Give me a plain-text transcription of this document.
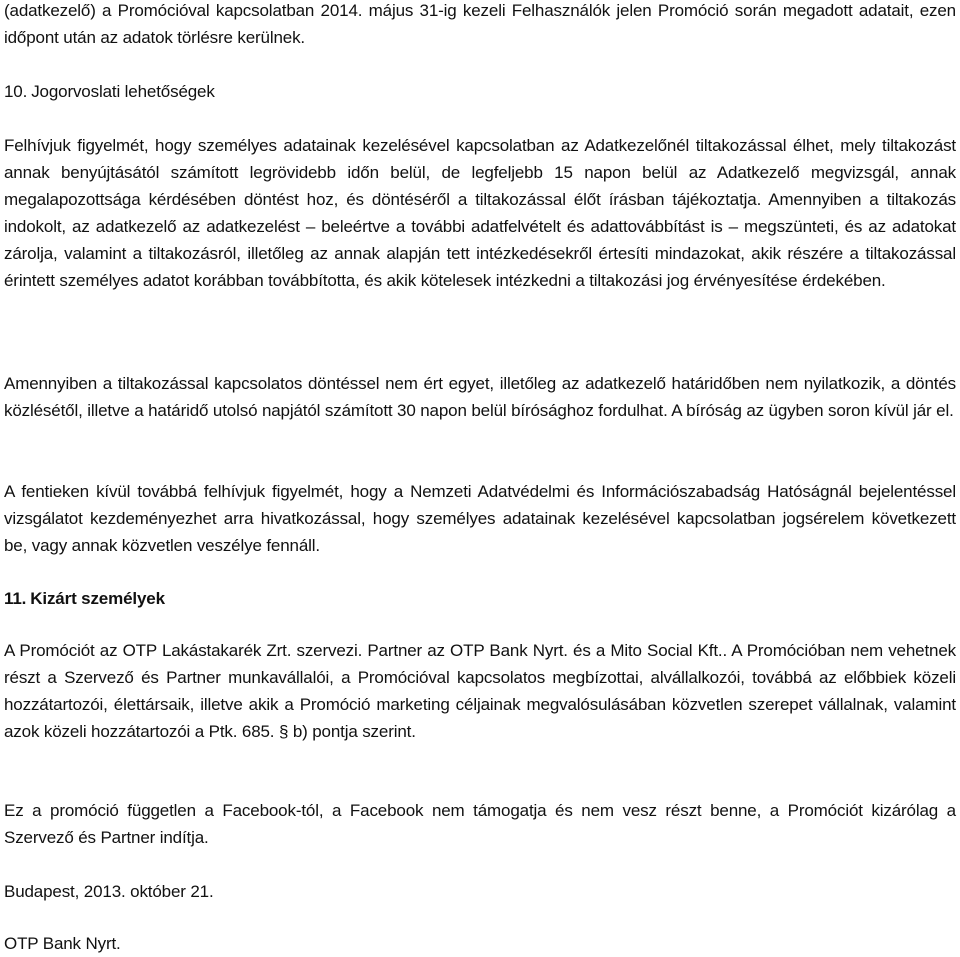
(adatkezelő) a Promócióval kapcsolatban 2014. május 31-ig kezeli Felhasználók jelen Promóció során megadott adatait, ezen időpont után az adatok törlésre kerülnek.

10. Jogorvoslati lehetőségek

Felhívjuk figyelmét, hogy személyes adatainak kezelésével kapcsolatban az Adatkezelőnél tiltakozással élhet, mely tiltakozást annak benyújtásától számított legrövidebb időn belül, de legfeljebb 15 napon belül az Adatkezelő megvizsgál, annak megalapozottsága kérdésében döntést hoz, és döntéséről a tiltakozással élőt írásban tájékoztatja. Amennyiben a tiltakozás indokolt, az adatkezelő az adatkezelést – beleértve a további adatfelvételt és adattovábbítást is – megszünteti, és az adatokat zárolja, valamint a tiltakozásról, illetőleg az annak alapján tett intézkedésekről értesíti mindazokat, akik részére a tiltakozással érintett személyes adatot korábban továbbította, és akik kötelesek intézkedni a tiltakozási jog érvényesítése érdekében.

Amennyiben a tiltakozással kapcsolatos döntéssel nem ért egyet, illetőleg az adatkezelő határidőben nem nyilatkozik, a döntés közlésétől, illetve a határidő utolsó napjától számított 30 napon belül bírósághoz fordulhat. A bíróság az ügyben soron kívül jár el.

A fentieken kívül továbbá felhívjuk figyelmét, hogy a Nemzeti Adatvédelmi és Információszabadság Hatóságnál bejelentéssel vizsgálatot kezdeményezhet arra hivatkozással, hogy személyes adatainak kezelésével kapcsolatban jogsérelem következett be, vagy annak közvetlen veszélye fennáll.

11. Kizárt személyek

A Promóciót az OTP Lakástakarék Zrt. szervezi. Partner az OTP Bank Nyrt. és a Mito Social Kft.. A Promócióban nem vehetnek részt a Szervező és Partner munkavállalói, a Promócióval kapcsolatos megbízottai, alvállalkozói, továbbá az előbbiek közeli hozzátartozói, élettársaik, illetve akik a Promóció marketing céljainak megvalósulásában közvetlen szerepet vállalnak, valamint azok közeli hozzátartozói a Ptk. 685. § b) pontja szerint.

Ez a promóció független a Facebook-tól, a Facebook nem támogatja és nem vesz részt benne, a Promóciót kizárólag a Szervező és Partner indítja.

Budapest, 2013. október 21.

OTP Bank Nyrt.
